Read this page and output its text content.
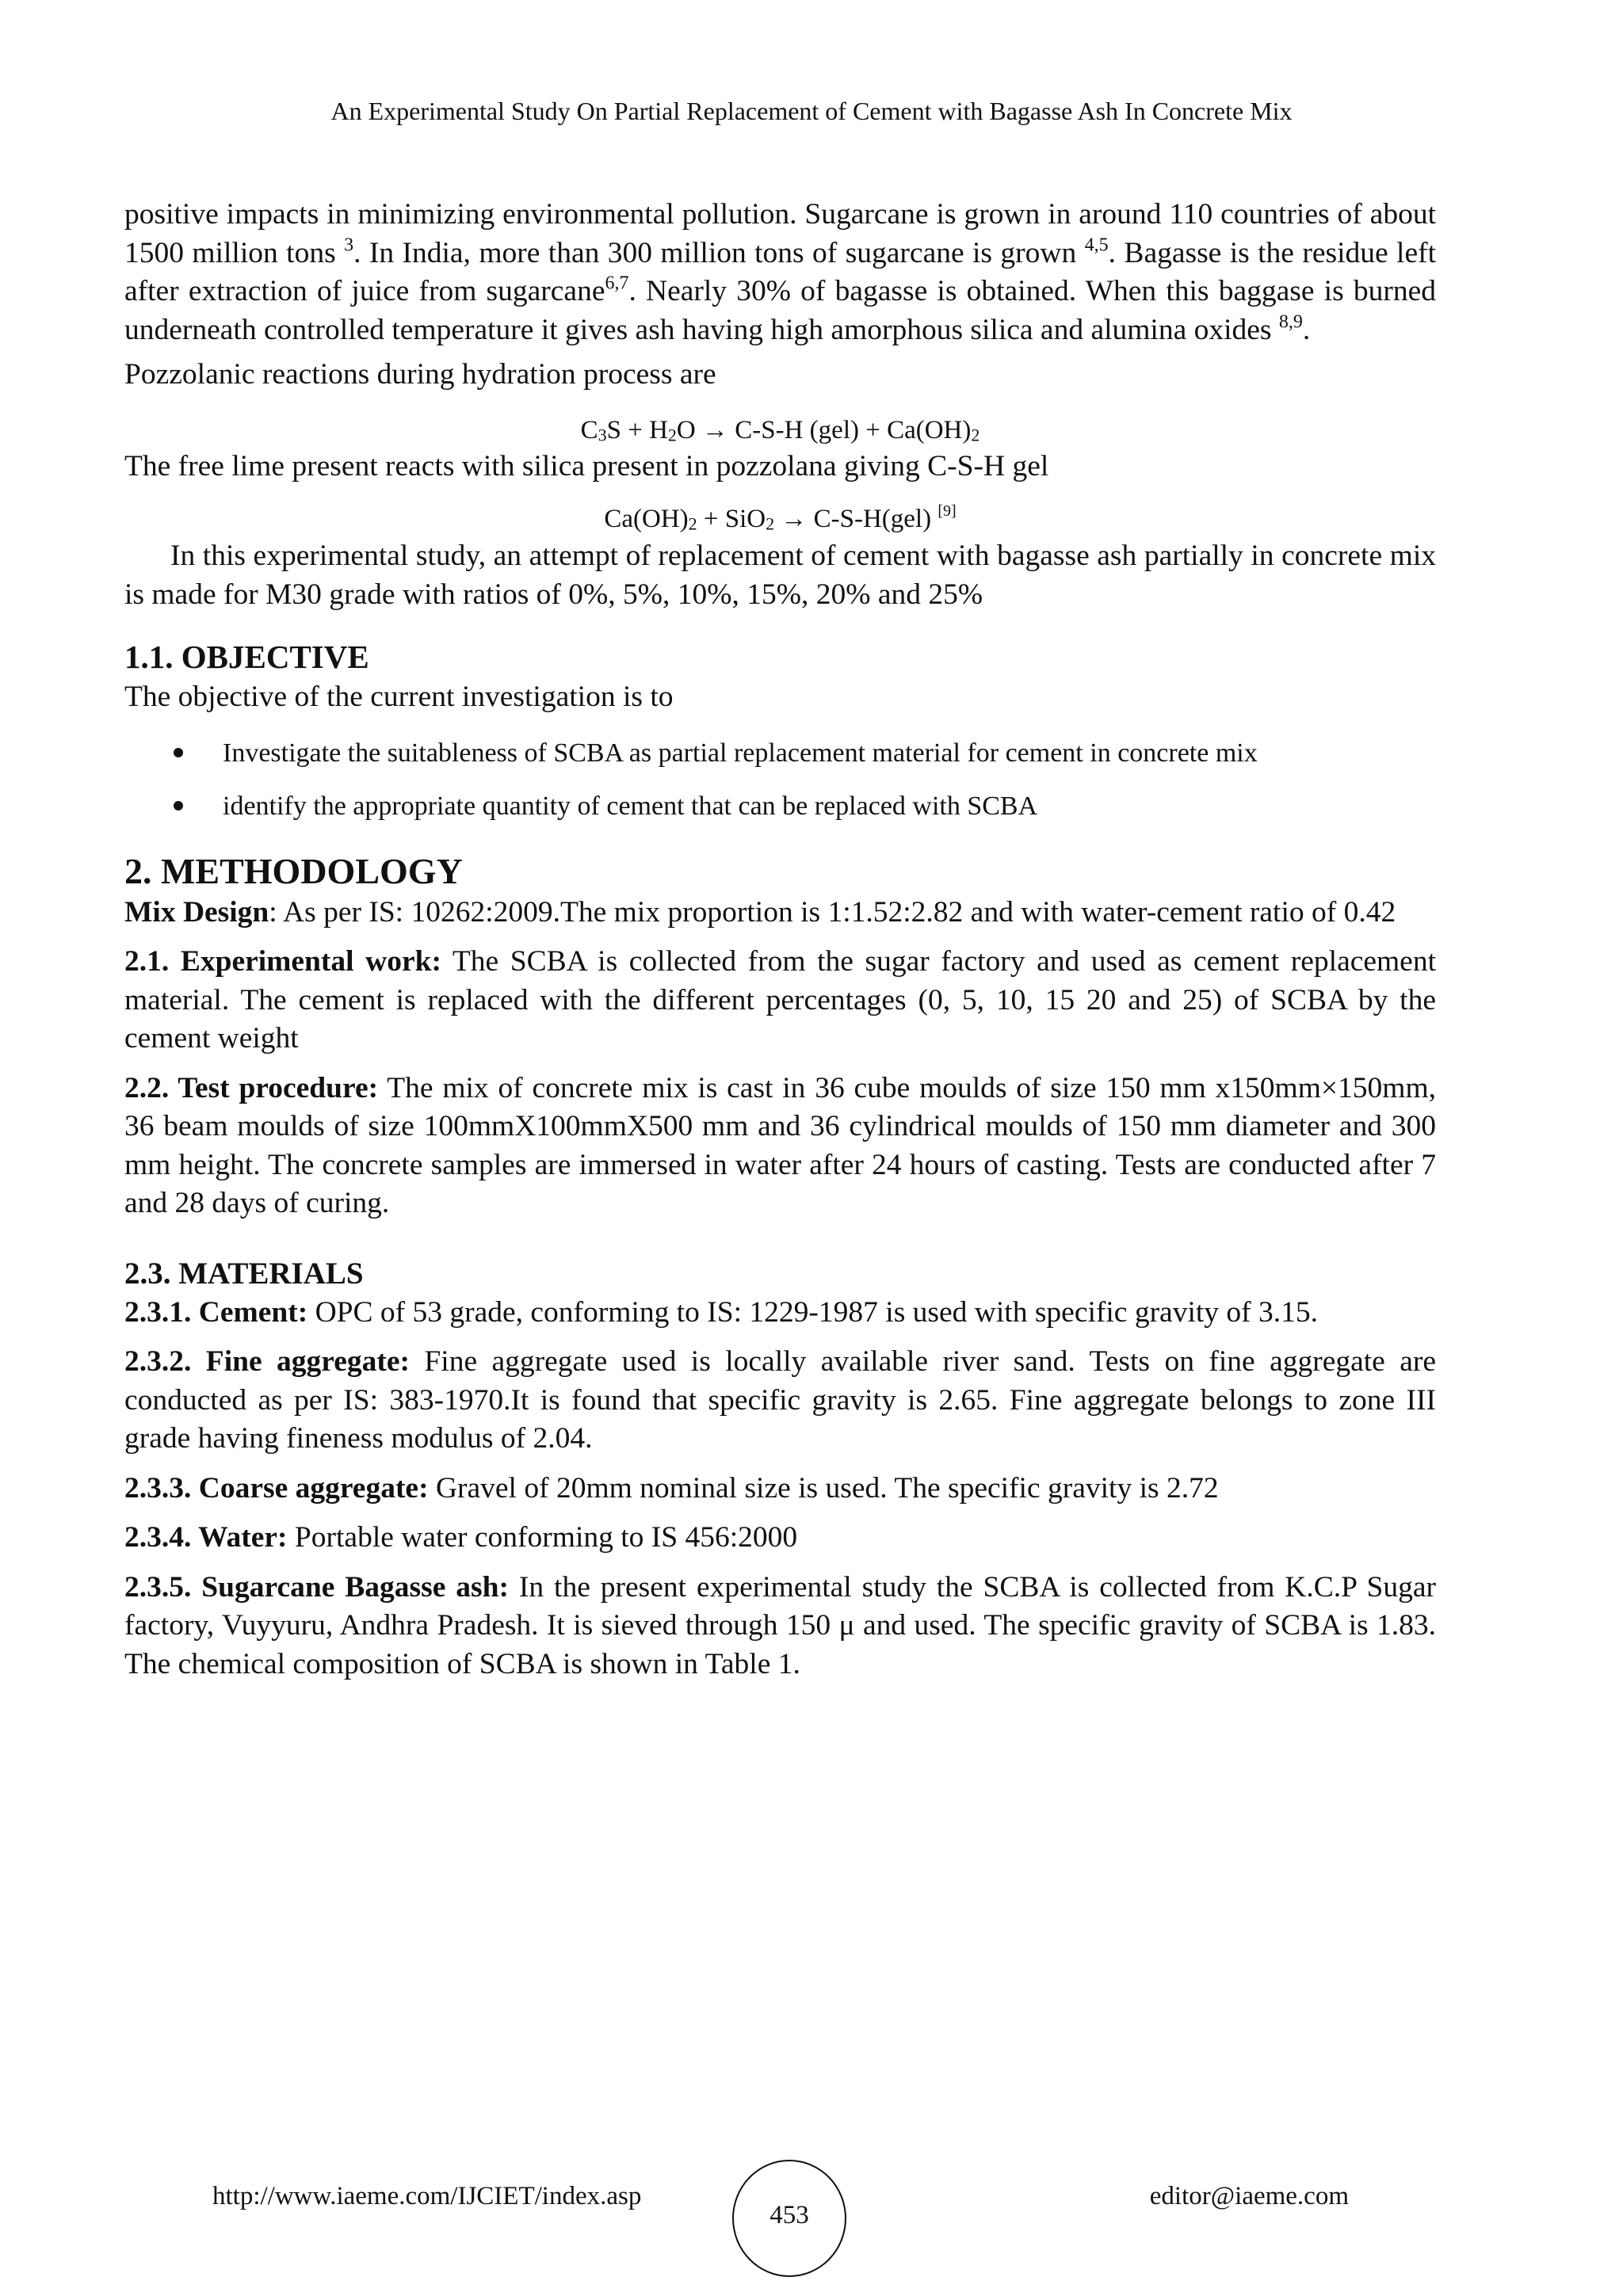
An Experimental Study On Partial Replacement of Cement with Bagasse Ash In Concrete Mix

positive impacts in minimizing environmental pollution. Sugarcane is grown in around 110 countries of about 1500 million tons $^3$. In India, more than 300 million tons of sugarcane is grown $^{4,5}$. Bagasse is the residue left after extraction of juice from sugarcane$^{6,7}$. Nearly 30% of bagasse is obtained. When this baggase is burned underneath controlled temperature it gives ash having high amorphous silica and alumina oxides $^{8,9}$.

Pozzolanic reactions during hydration process are

$C_3S + H_2O \to C-S-H$ $(gel) + Ca(OH)_2$

The free lime present reacts with silica present in pozzolana giving C-S-H gel

$Ca(OH)_2 + SiO_2 \to C-S-H(gel)$ [9]

In this experimental study, an attempt of replacement of cement with bagasse ash partially in concrete mix is made for M30 grade with ratios of 0%, 5%, 10%, 15%, 20% and 25%

1.1. OBJECTIVE

The objective of the current investigation is to

Investigate the suitableness of SCBA as partial replacement material for cement in concrete mix
identify the appropriate quantity of cement that can be replaced with SCBA
2. METHODOLOGY

Mix Design: As per IS: 10262:2009.The mix proportion is 1:1.52:2.82 and with water-cement ratio of 0.42

2.1. Experimental work: The SCBA is collected from the sugar factory and used as cement replacement material. The cement is replaced with the different percentages (0, 5, 10, 15 20 and 25) of SCBA by the cement weight

2.2. Test procedure: The mix of concrete mix is cast in 36 cube moulds of size 150 mm x150mm×150mm, 36 beam moulds of size 100mmX100mmX500 mm and 36 cylindrical moulds of 150 mm diameter and 300 mm height. The concrete samples are immersed in water after 24 hours of casting. Tests are conducted after 7 and 28 days of curing.

2.3. MATERIALS

2.3.1. Cement: OPC of 53 grade, conforming to IS: 1229-1987 is used with specific gravity of 3.15.

2.3.2. Fine aggregate: Fine aggregate used is locally available river sand. Tests on fine aggregate are conducted as per IS: 383-1970.It is found that specific gravity is 2.65. Fine aggregate belongs to zone III grade having fineness modulus of 2.04.

2.3.3. Coarse aggregate: Gravel of 20mm nominal size is used. The specific gravity is 2.72

2.3.4. Water: Portable water conforming to IS 456:2000

2.3.5. Sugarcane Bagasse ash: In the present experimental study the SCBA is collected from K.C.P Sugar factory, Vuyyuru, Andhra Pradesh. It is sieved through 150 μ and used. The specific gravity of SCBA is 1.83. The chemical composition of SCBA is shown in Table 1.

http://www.iaeme.com/IJCIET/index.asp
453
editor@iaeme.com
